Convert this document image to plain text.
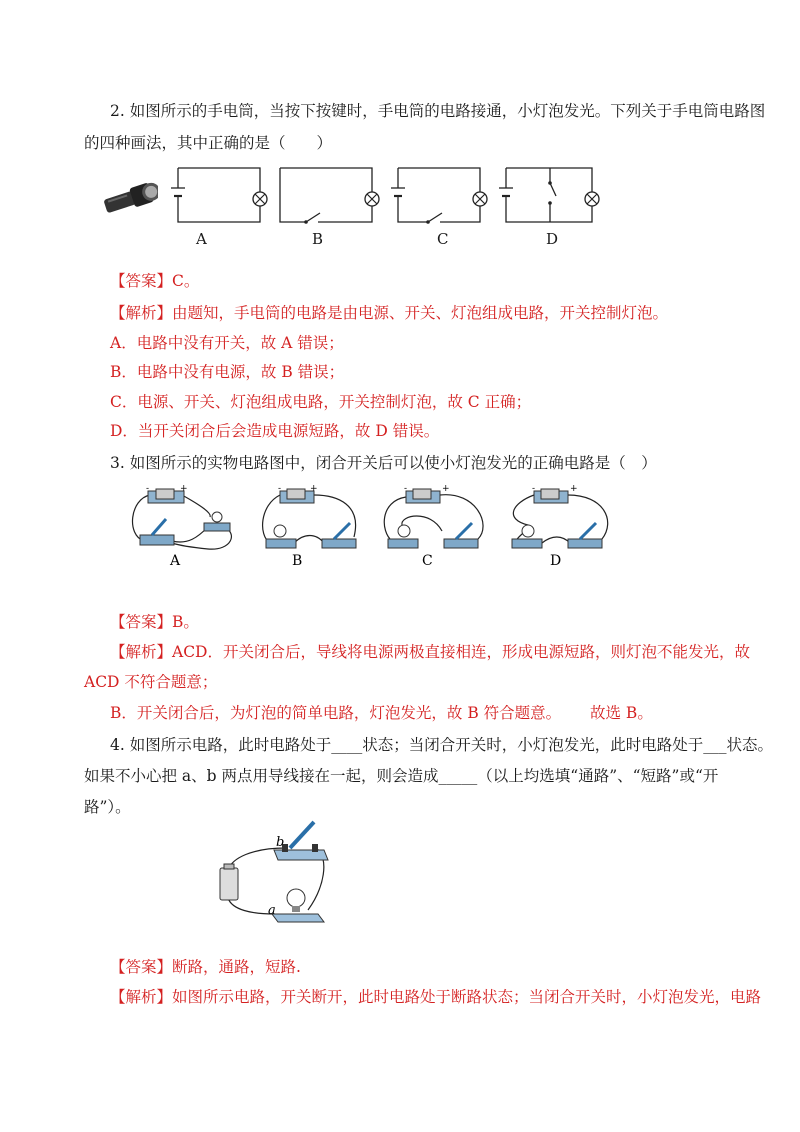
2. 如图所示的手电筒，当按下按键时，手电筒的电路接通，小灯泡发光。下列关于手电筒电路图
的四种画法，其中正确的是（　　）
A	B	C	D
【答案】C。
【解析】由题知，手电筒的电路是由电源、开关、灯泡组成电路，开关控制灯泡。
A．电路中没有开关，故 A 错误；
B．电路中没有电源，故 B 错误；
C．电源、开关、灯泡组成电路，开关控制灯泡，故 C 正确；
D．当开关闭合后会造成电源短路，故 D 错误。
3. 如图所示的实物电路图中，闭合开关后可以使小灯泡发光的正确电路是（　）
-	+
A
-	+
B
-	+
C
-	+
D
【答案】B。
【解析】ACD．开关闭合后，导线将电源两极直接相连，形成电源短路，则灯泡不能发光，故
ACD 不符合题意；
B．开关闭合后，为灯泡的简单电路，灯泡发光，故 B 符合题意。 故选 B。
4. 如图所示电路，此时电路处于____状态；当闭合开关时，小灯泡发光，此时电路处于___状态。
如果不小心把 a、b 两点用导线接在一起，则会造成_____（以上均选填“通路”、“短路”或“开
路”）。
b
a
【答案】断路，通路，短路.
【解析】如图所示电路，开关断开，此时电路处于断路状态；当闭合开关时，小灯泡发光，电路
